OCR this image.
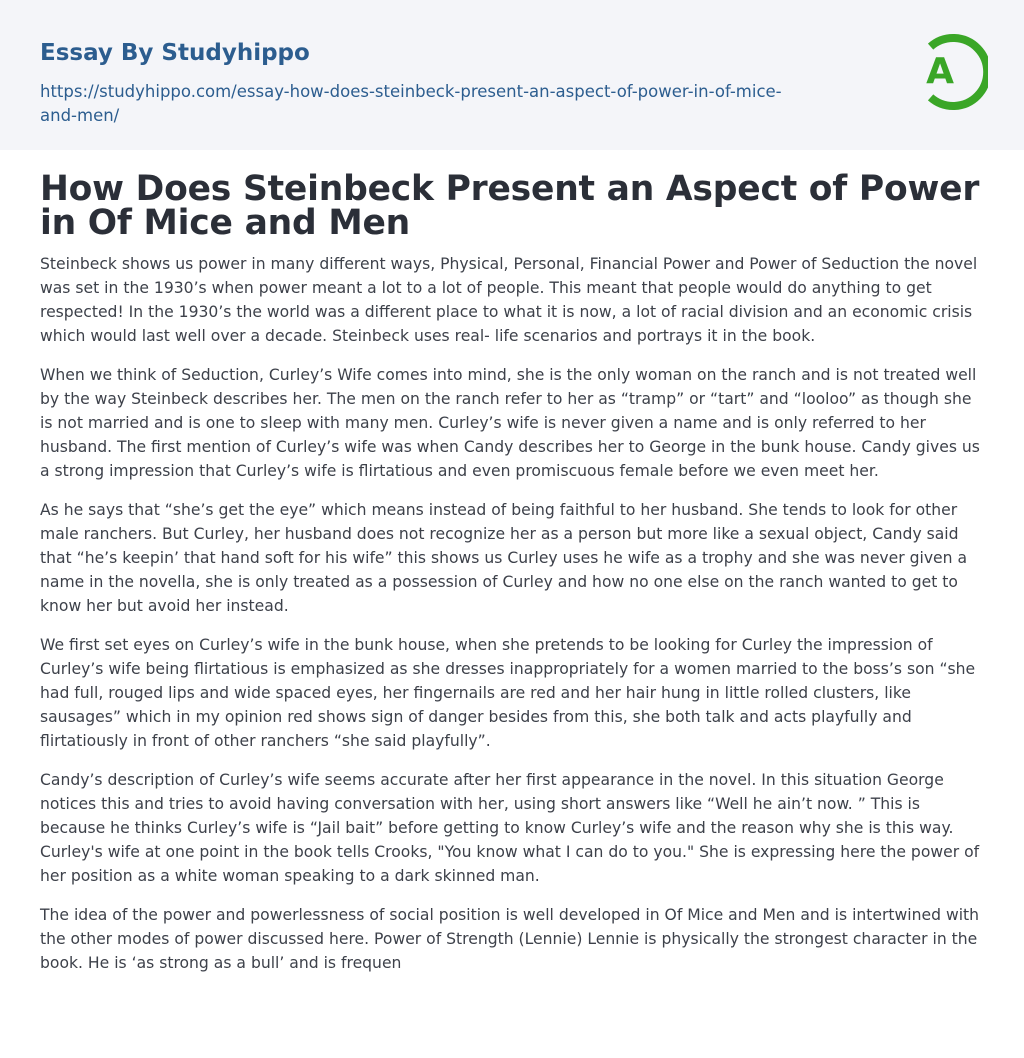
Essay By Studyhippo
https://studyhippo.com/essay-how-does-steinbeck-present-an-aspect-of-power-in-of-mice-and-men/
A
How Does Steinbeck Present an Aspect of Power in Of Mice and Men

Steinbeck shows us power in many different ways, Physical, Personal, Financial Power and Power of Seduction the novel was set in the 1930’s when power meant a lot to a lot of people. This meant that people would do anything to get respected! In the 1930’s the world was a different place to what it is now, a lot of racial division and an economic crisis which would last well over a decade. Steinbeck uses real- life scenarios and portrays it in the book.

When we think of Seduction, Curley’s Wife comes into mind, she is the only woman on the ranch and is not treated well by the way Steinbeck describes her. The men on the ranch refer to her as “tramp” or “tart” and “looloo” as though she is not married and is one to sleep with many men. Curley’s wife is never given a name and is only referred to her husband. The first mention of Curley’s wife was when Candy describes her to George in the bunk house. Candy gives us a strong impression that Curley’s wife is flirtatious and even promiscuous female before we even meet her.

As he says that “she’s get the eye” which means instead of being faithful to her husband. She tends to look for other male ranchers. But Curley, her husband does not recognize her as a person but more like a sexual object, Candy said that “he’s keepin’ that hand soft for his wife” this shows us Curley uses he wife as a trophy and she was never given a name in the novella, she is only treated as a possession of Curley and how no one else on the ranch wanted to get to know her but avoid her instead.

We first set eyes on Curley’s wife in the bunk house, when she pretends to be looking for Curley the impression of Curley’s wife being flirtatious is emphasized as she dresses inappropriately for a women married to the boss’s son “she had full, rouged lips and wide spaced eyes, her fingernails are red and her hair hung in little rolled clusters, like sausages” which in my opinion red shows sign of danger besides from this, she both talk and acts playfully and flirtatiously in front of other ranchers “she said playfully”.

Candy’s description of Curley’s wife seems accurate after her first appearance in the novel. In this situation George notices this and tries to avoid having conversation with her, using short answers like “Well he ain’t now. ” This is because he thinks Curley’s wife is “Jail bait” before getting to know Curley’s wife and the reason why she is this way. Curley's wife at one point in the book tells Crooks, "You know what I can do to you." She is expressing here the power of her position as a white woman speaking to a dark skinned man.

The idea of the power and powerlessness of social position is well developed in Of Mice and Men and is intertwined with the other modes of power discussed here. Power of Strength (Lennie) Lennie is physically the strongest character in the book. He is ‘as strong as a bull’ and is frequen
